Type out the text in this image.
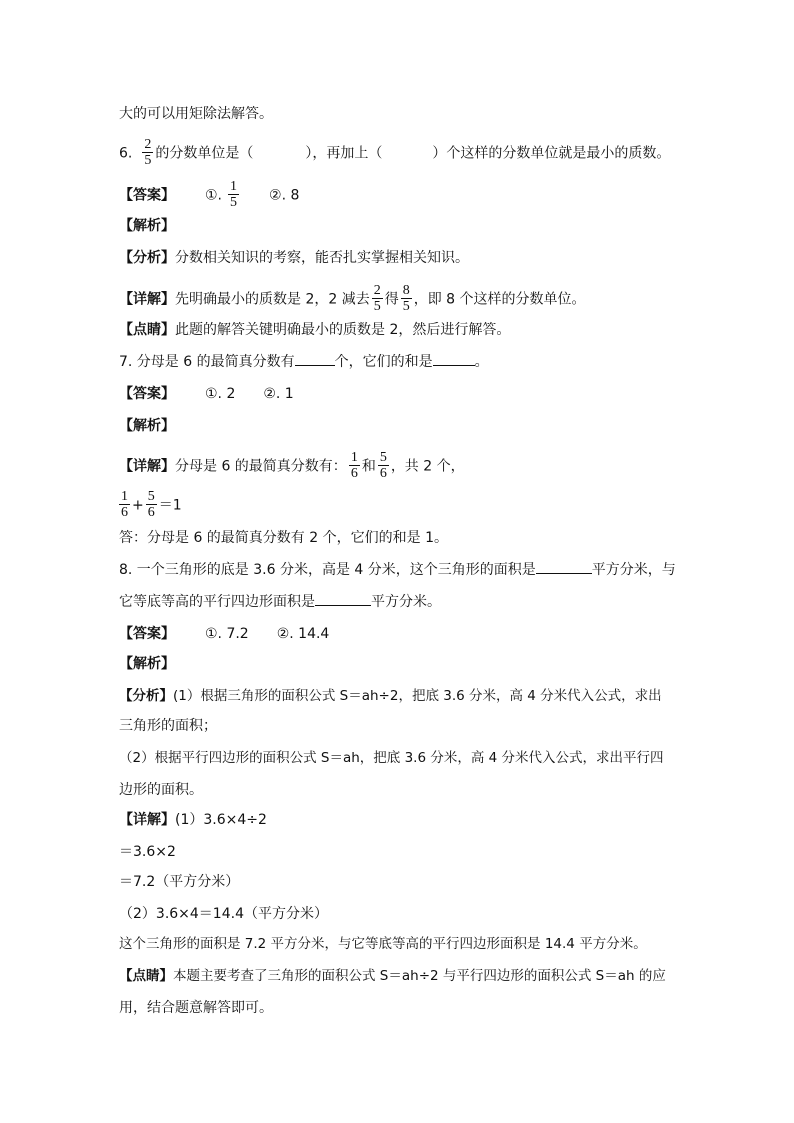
大的可以用矩除法解答。
6. $\frac{2}{5}$ 的分数单位是（	），再加上（	）个这样的分数单位就是最小的质数。
【答案】 ①. $\frac{1}{5}$ ②. 8
【解析】
【分析】分数相关知识的考察，能否扎实掌握相关知识。
【详解】先明确最小的质数是 2，2 减去 $\frac{2}{5}$ 得 $\frac{8}{5}$ ，即 8 个这样的分数单位。
【点睛】此题的解答关键明确最小的质数是 2，然后进行解答。
7. 分母是 6 的最简真分数有	个，它们的和是	。
【答案】 ①. 2　　②. 1
【解析】
【详解】分母是 6 的最简真分数有： $\frac{1}{6}$ 和 $\frac{5}{6}$ ，共 2 个，
$\frac{1}{6} + \frac{5}{6} =1$
答：分母是 6 的最简真分数有 2 个，它们的和是 1。
8. 一个三角形的底是 3.6 分米，高是 4 分米，这个三角形的面积是	平方分米，与
它等底等高的平行四边形面积是	平方分米。
【答案】 ①. 7.2　　②. 14.4
【解析】
【分析】(1）根据三角形的面积公式 S＝ah÷2，把底 3.6 分米，高 4 分米代入公式，求出
三角形的面积；
（2）根据平行四边形的面积公式 S＝ah，把底 3.6 分米，高 4 分米代入公式，求出平行四
边形的面积。
【详解】(1）3.6×4÷2
＝3.6×2
＝7.2（平方分米）
（2）3.6×4＝14.4（平方分米）
这个三角形的面积是 7.2 平方分米，与它等底等高的平行四边形面积是 14.4 平方分米。
【点睛】本题主要考查了三角形的面积公式 S＝ah÷2 与平行四边形的面积公式 S＝ah 的应
用，结合题意解答即可。
